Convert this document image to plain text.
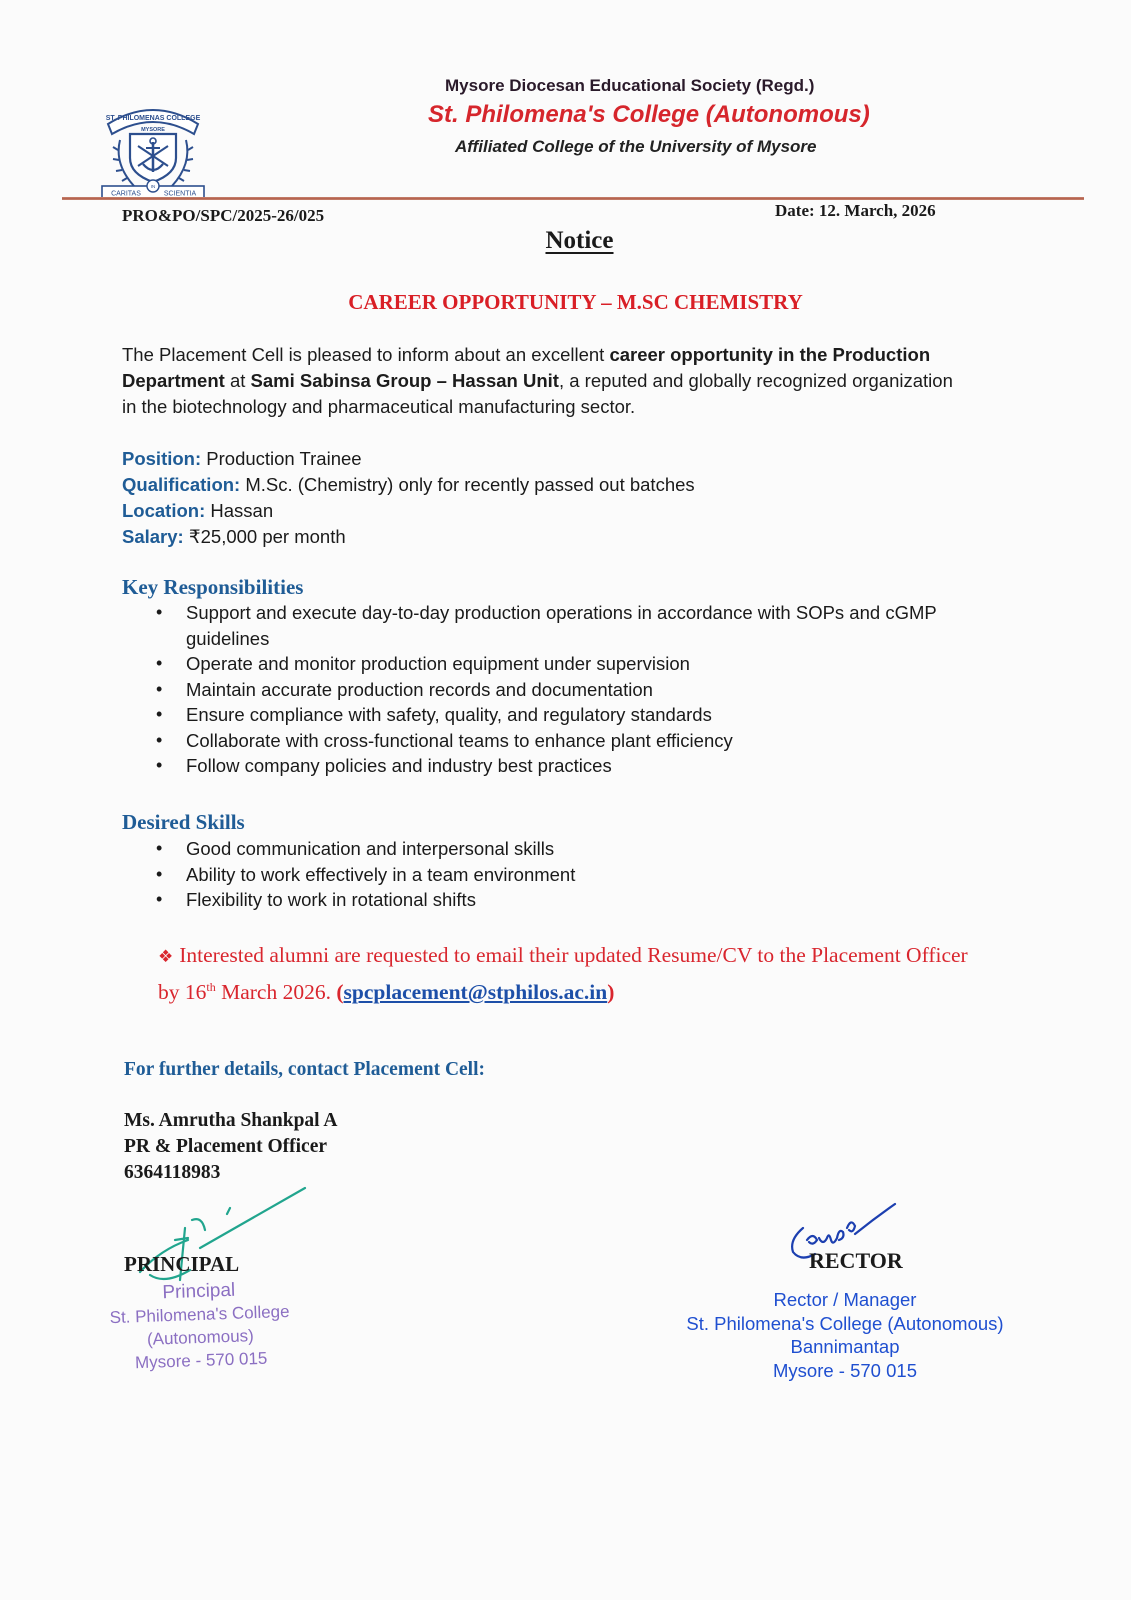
ST. PHILOMENAS COLLEGE
MYSORE
IN
CARITAS	SCIENTIA
Mysore Diocesan Educational Society (Regd.)
St. Philomena's College (Autonomous)
Affiliated College of the University of Mysore
PRO&PO/SPC/2025-26/025	Date: 12. March, 2026
Notice
CAREER OPPORTUNITY – M.SC CHEMISTRY
The Placement Cell is pleased to inform about an excellent career opportunity in the Production Department at Sami Sabinsa Group – Hassan Unit, a reputed and globally recognized organization in the biotechnology and pharmaceutical manufacturing sector.
Position: Production Trainee
Qualification: M.Sc. (Chemistry) only for recently passed out batches
Location: Hassan
Salary: ₹25,000 per month
Key Responsibilities
• Support and execute day-to-day production operations in accordance with SOPs and cGMP guidelines
• Operate and monitor production equipment under supervision
• Maintain accurate production records and documentation
• Ensure compliance with safety, quality, and regulatory standards
• Collaborate with cross-functional teams to enhance plant efficiency
• Follow company policies and industry best practices
Desired Skills
• Good communication and interpersonal skills
• Ability to work effectively in a team environment
• Flexibility to work in rotational shifts
❖ Interested alumni are requested to email their updated Resume/CV to the Placement Officer by 16th March 2026. (spcplacement@stphilos.ac.in)
For further details, contact Placement Cell:
Ms. Amrutha Shankpal A
PR & Placement Officer
6364118983
PRINCIPAL
Principal
St. Philomena's College (Autonomous)
Mysore - 570 015
RECTOR
Rector / Manager
St. Philomena's College (Autonomous)
Bannimantap
Mysore - 570 015
